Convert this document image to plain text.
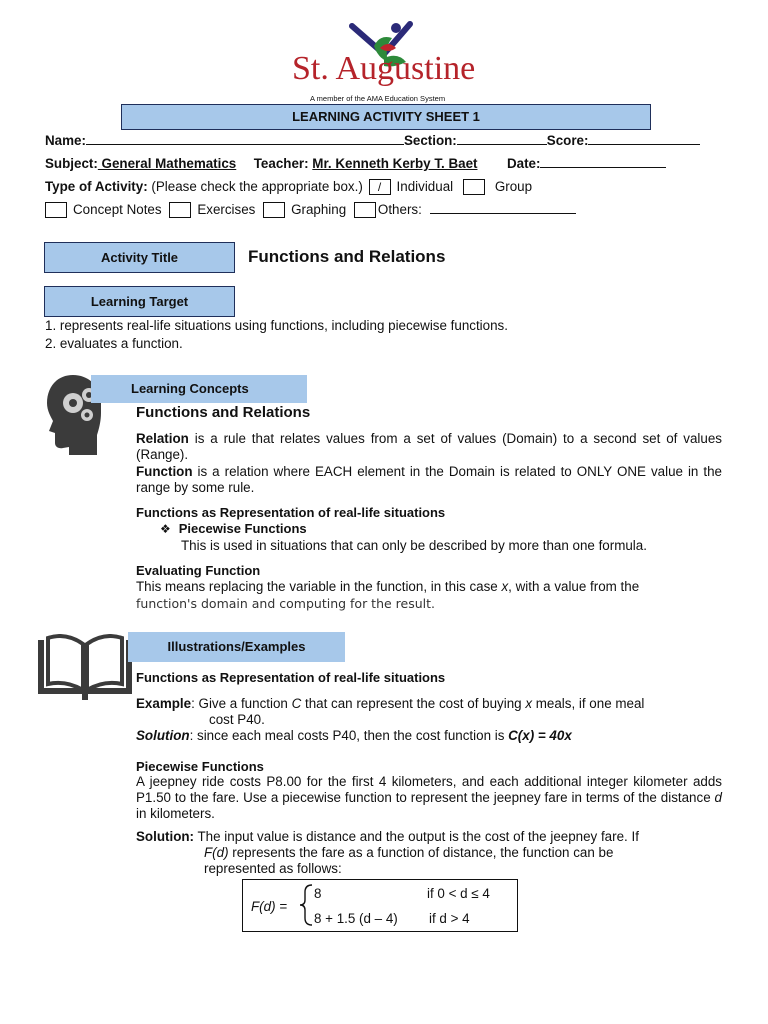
St. Augustine
A member of the AMA Education System
LEARNING ACTIVITY SHEET 1
Name:	Section:	Score:
Subject: General Mathematics Teacher: Mr. Kenneth Kerby T. Baet Date:
Type of Activity: (Please check the appropriate box.) / Individual	Group
Concept Notes	Exercises	Graphing Others:
Activity Title	Functions and Relations
Learning Target
1. represents real-life situations using functions, including piecewise functions.
2. evaluates a function.
Learning Concepts
Functions and Relations
Relation is a rule that relates values from a set of values (Domain) to a second set of values (Range).
Function is a relation where EACH element in the Domain is related to ONLY ONE value in the range by some rule.
Functions as Representation of real-life situations
❖ Piecewise Functions
This is used in situations that can only be described by more than one formula.
Evaluating Function
This means replacing the variable in the function, in this case x, with a value from the
function's domain and computing for the result.
Illustrations/Examples
Functions as Representation of real-life situations
Example: Give a function C that can represent the cost of buying x meals, if one meal
cost P40.
Solution: since each meal costs P40, then the cost function is C(x) = 40x
Piecewise Functions
A jeepney ride costs P8.00 for the first 4 kilometers, and each additional integer kilometer adds P1.50 to the fare. Use a piecewise function to represent the jeepney fare in terms of the distance d in kilometers.
Solution: The input value is distance and the output is the cost of the jeepney fare. If
F(d) represents the fare as a function of distance, the function can be
represented as follows:
F(d) =
8	if 0 < d ≤ 4
8 + 1.5 (d – 4) if d > 4
